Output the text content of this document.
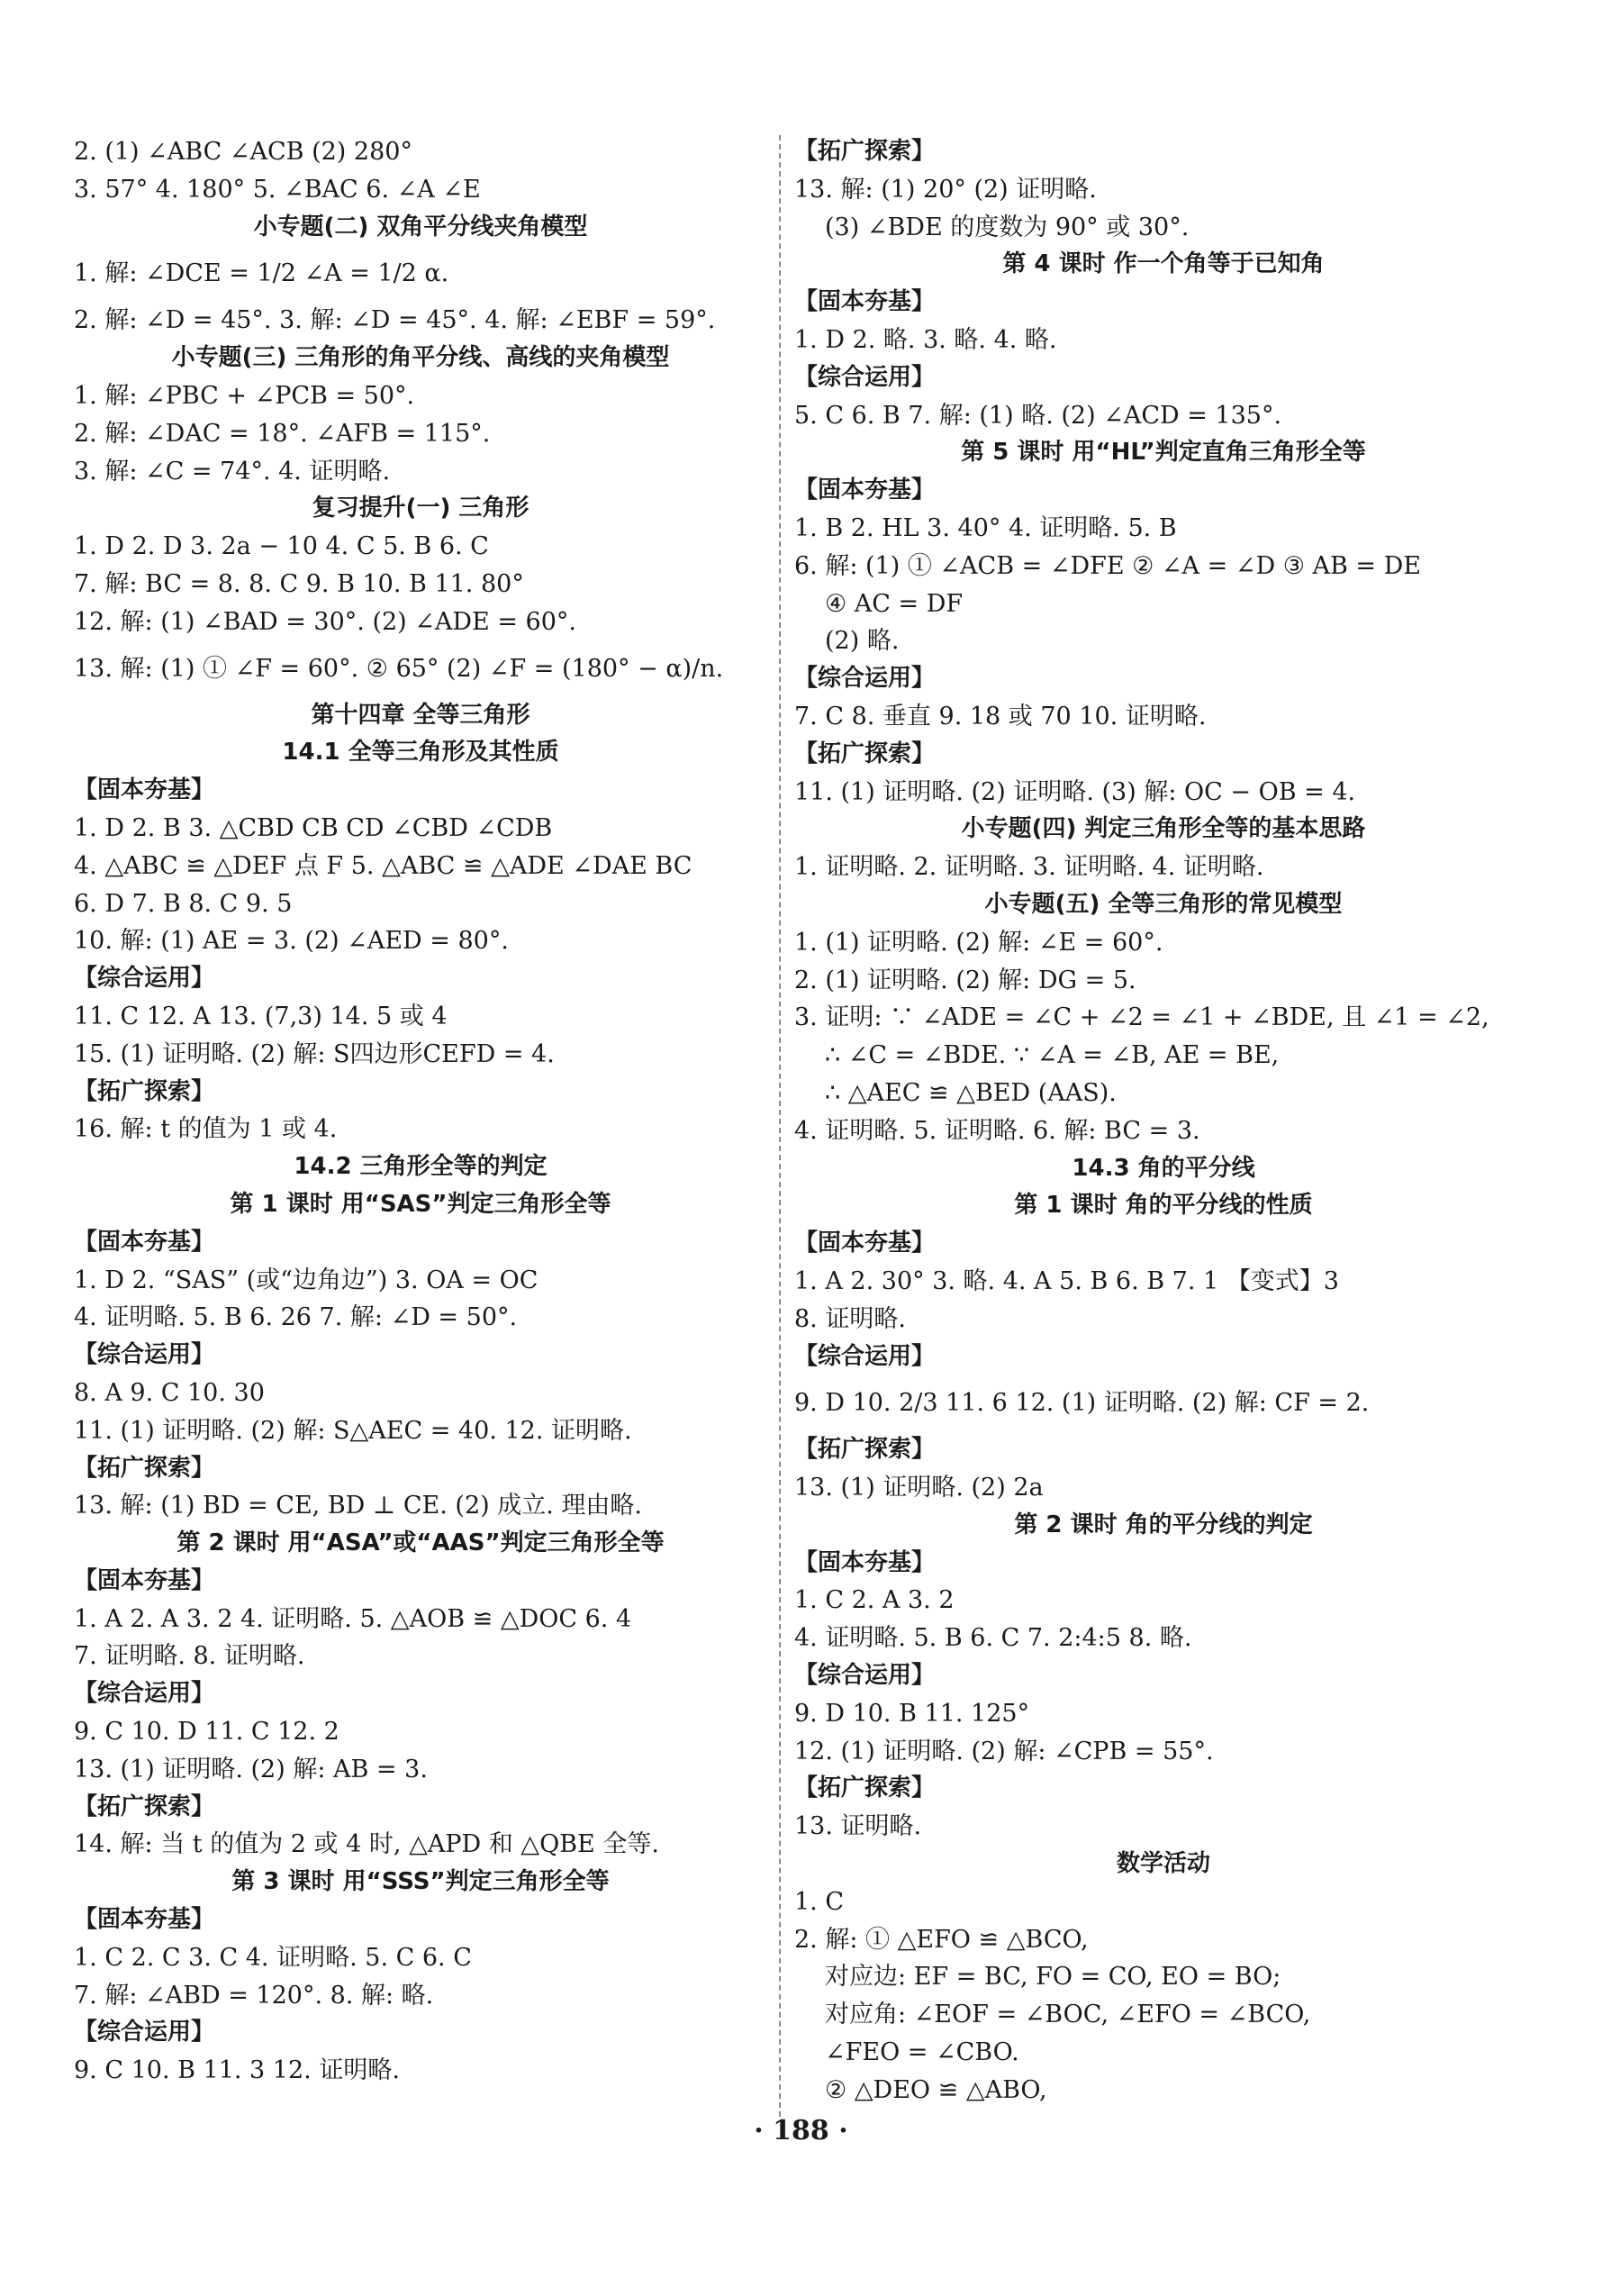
2. (1) ∠ABC ∠ACB (2) 280°
3. 57° 4. 180° 5. ∠BAC 6. ∠A ∠E
小专题(二) 双角平分线夹角模型
1. 解: ∠DCE = 1/2 ∠A = 1/2 α.
2. 解: ∠D = 45°. 3. 解: ∠D = 45°. 4. 解: ∠EBF = 59°.
小专题(三) 三角形的角平分线、高线的夹角模型
1. 解: ∠PBC + ∠PCB = 50°.
2. 解: ∠DAC = 18°. ∠AFB = 115°.
3. 解: ∠C = 74°. 4. 证明略.
复习提升(一) 三角形
1. D 2. D 3. 2a − 10 4. C 5. B 6. C
7. 解: BC = 8. 8. C 9. B 10. B 11. 80°
12. 解: (1) ∠BAD = 30°. (2) ∠ADE = 60°.
13. 解: (1) ① ∠F = 60°. ② 65° (2) ∠F = (180° − α)/n.
第十四章 全等三角形
14.1 全等三角形及其性质
【固本夯基】
1. D 2. B 3. △CBD CB CD ∠CBD ∠CDB
4. △ABC ≌ △DEF 点 F 5. △ABC ≌ △ADE ∠DAE BC
6. D 7. B 8. C 9. 5
10. 解: (1) AE = 3. (2) ∠AED = 80°.
【综合运用】
11. C 12. A 13. (7,3) 14. 5 或 4
15. (1) 证明略. (2) 解: S四边形CEFD = 4.
【拓广探索】
16. 解: t 的值为 1 或 4.
14.2 三角形全等的判定
第 1 课时 用“SAS”判定三角形全等
【固本夯基】
1. D 2. “SAS” (或“边角边”) 3. OA = OC
4. 证明略. 5. B 6. 26 7. 解: ∠D = 50°.
【综合运用】
8. A 9. C 10. 30
11. (1) 证明略. (2) 解: S△AEC = 40. 12. 证明略.
【拓广探索】
13. 解: (1) BD = CE, BD ⊥ CE. (2) 成立. 理由略.
第 2 课时 用“ASA”或“AAS”判定三角形全等
【固本夯基】
1. A 2. A 3. 2 4. 证明略. 5. △AOB ≌ △DOC 6. 4
7. 证明略. 8. 证明略.
【综合运用】
9. C 10. D 11. C 12. 2
13. (1) 证明略. (2) 解: AB = 3.
【拓广探索】
14. 解: 当 t 的值为 2 或 4 时, △APD 和 △QBE 全等.
第 3 课时 用“SSS”判定三角形全等
【固本夯基】
1. C 2. C 3. C 4. 证明略. 5. C 6. C
7. 解: ∠ABD = 120°. 8. 解: 略.
【综合运用】
9. C 10. B 11. 3 12. 证明略.
【拓广探索】
13. 解: (1) 20° (2) 证明略.
(3) ∠BDE 的度数为 90° 或 30°.
第 4 课时 作一个角等于已知角
【固本夯基】
1. D 2. 略. 3. 略. 4. 略.
【综合运用】
5. C 6. B 7. 解: (1) 略. (2) ∠ACD = 135°.
第 5 课时 用“HL”判定直角三角形全等
【固本夯基】
1. B 2. HL 3. 40° 4. 证明略. 5. B
6. 解: (1) ① ∠ACB = ∠DFE ② ∠A = ∠D ③ AB = DE
④ AC = DF
(2) 略.
【综合运用】
7. C 8. 垂直 9. 18 或 70 10. 证明略.
【拓广探索】
11. (1) 证明略. (2) 证明略. (3) 解: OC − OB = 4.
小专题(四) 判定三角形全等的基本思路
1. 证明略. 2. 证明略. 3. 证明略. 4. 证明略.
小专题(五) 全等三角形的常见模型
1. (1) 证明略. (2) 解: ∠E = 60°.
2. (1) 证明略. (2) 解: DG = 5.
3. 证明: ∵ ∠ADE = ∠C + ∠2 = ∠1 + ∠BDE, 且 ∠1 = ∠2,
∴ ∠C = ∠BDE. ∵ ∠A = ∠B, AE = BE,
∴ △AEC ≌ △BED (AAS).
4. 证明略. 5. 证明略. 6. 解: BC = 3.
14.3 角的平分线
第 1 课时 角的平分线的性质
【固本夯基】
1. A 2. 30° 3. 略. 4. A 5. B 6. B 7. 1 【变式】3
8. 证明略.
【综合运用】
9. D 10. 2/3 11. 6 12. (1) 证明略. (2) 解: CF = 2.
【拓广探索】
13. (1) 证明略. (2) 2a
第 2 课时 角的平分线的判定
【固本夯基】
1. C 2. A 3. 2
4. 证明略. 5. B 6. C 7. 2:4:5 8. 略.
【综合运用】
9. D 10. B 11. 125°
12. (1) 证明略. (2) 解: ∠CPB = 55°.
【拓广探索】
13. 证明略.
数学活动
1. C
2. 解: ① △EFO ≌ △BCO,
对应边: EF = BC, FO = CO, EO = BO;
对应角: ∠EOF = ∠BOC, ∠EFO = ∠BCO,
∠FEO = ∠CBO.
② △DEO ≌ △ABO,
· 188 ·
